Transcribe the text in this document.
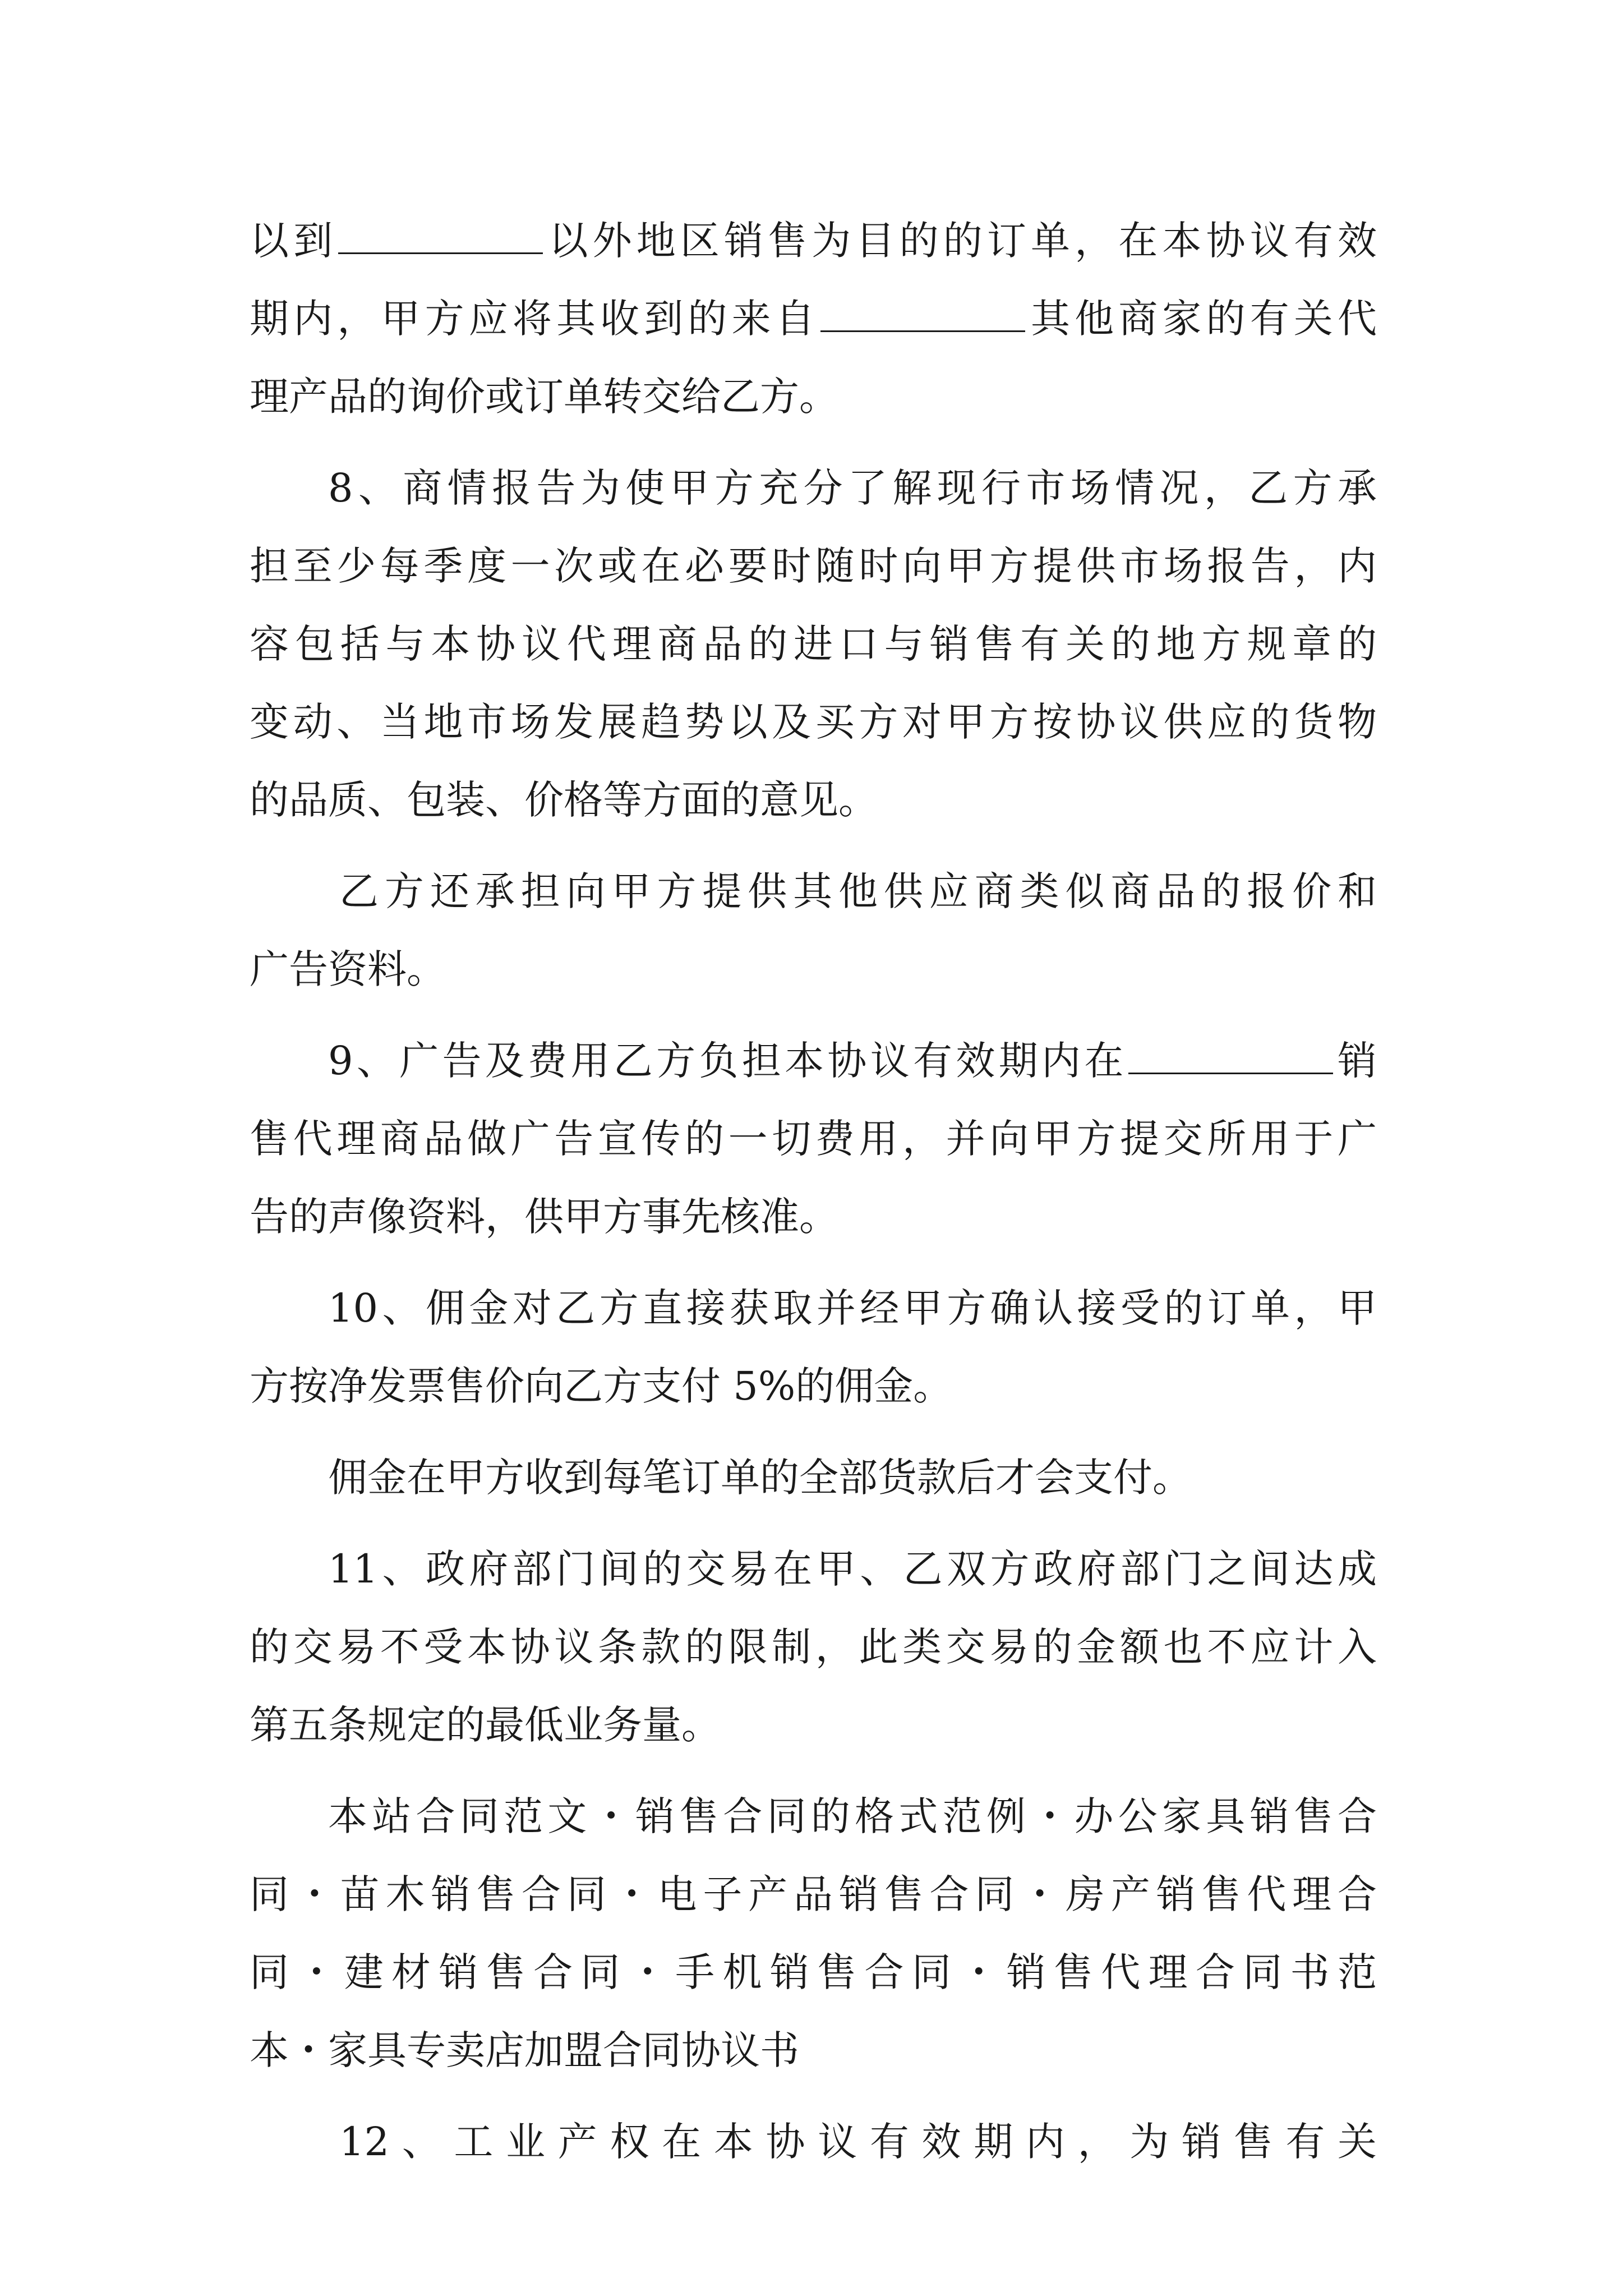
以到	以外地区销售为目的的订单，在本协议有效
期内，甲方应将其收到的来自	其他商家的有关代
理产品的询价或订单转交给乙方。
8、商情报告为使甲方充分了解现行市场情况，乙方承
担至少每季度一次或在必要时随时向甲方提供市场报告，内
容包括与本协议代理商品的进口与销售有关的地方规章的
变动、当地市场发展趋势以及买方对甲方按协议供应的货物
的品质、包装、价格等方面的意见。
乙方还承担向甲方提供其他供应商类似商品的报价和
广告资料。
9、广告及费用乙方负担本协议有效期内在	销
售代理商品做广告宣传的一切费用，并向甲方提交所用于广
告的声像资料，供甲方事先核准。
10、佣金对乙方直接获取并经甲方确认接受的订单，甲
方按净发票售价向乙方支付 5%的佣金。
佣金在甲方收到每笔订单的全部货款后才会支付。
11、政府部门间的交易在甲、乙双方政府部门之间达成
的交易不受本协议条款的限制，此类交易的金额也不应计入
第五条规定的最低业务量。
本站合同范文・销售合同的格式范例・办公家具销售合
同・苗木销售合同・电子产品销售合同・房产销售代理合
同・建材销售合同・手机销售合同・销售代理合同书范
本・家具专卖店加盟合同协议书
12、工业产权在本协议有效期内，为销售有关
